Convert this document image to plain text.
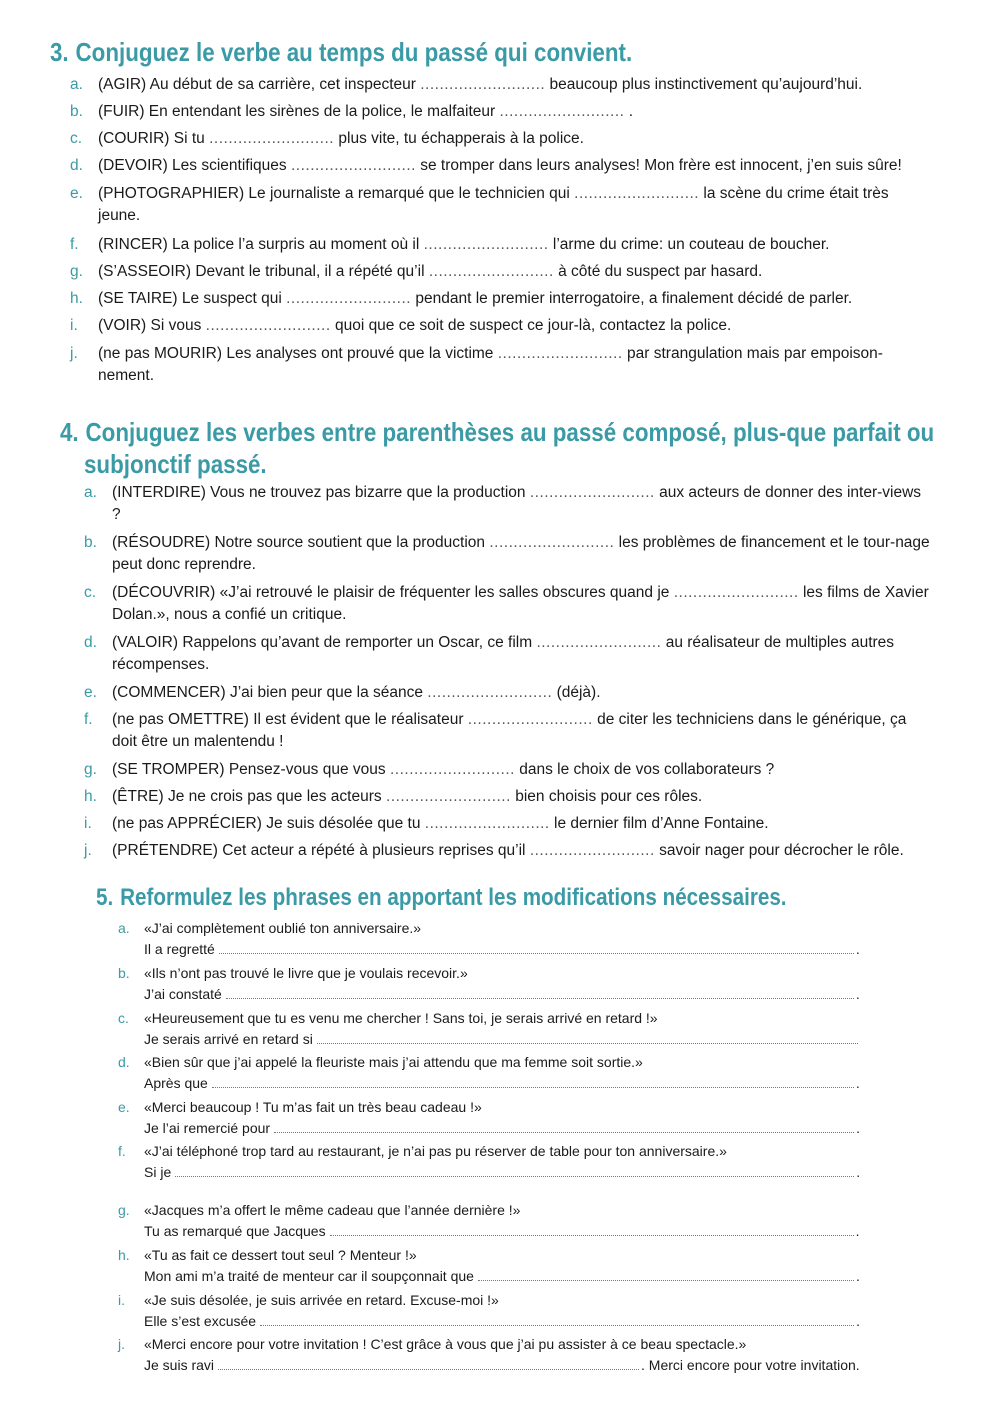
3. Conjuguez le verbe au temps du passé qui convient.
a. (AGIR) Au début de sa carrière, cet inspecteur .......................... beaucoup plus instinctivement qu’aujourd’hui.
b. (FUIR) En entendant les sirènes de la police, le malfaiteur .......................... .
c. (COURIR) Si tu .......................... plus vite, tu échapperais à la police.
d. (DEVOIR) Les scientifiques .......................... se tromper dans leurs analyses! Mon frère est innocent, j’en suis sûre!
e. (PHOTOGRAPHIER) Le journaliste a remarqué que le technicien qui .......................... la scène du crime était très jeune.
f. (RINCER) La police l’a surpris au moment où il .......................... l’arme du crime: un couteau de boucher.
g. (S’ASSEOIR) Devant le tribunal, il a répété qu’il .......................... à côté du suspect par hasard.
h. (SE TAIRE) Le suspect qui .......................... pendant le premier interrogatoire, a finalement décidé de parler.
i. (VOIR) Si vous .......................... quoi que ce soit de suspect ce jour-là, contactez la police.
j. (ne pas MOURIR) Les analyses ont prouvé que la victime .......................... par strangulation mais par empoison-nement.
4. Conjuguez les verbes entre parenthèses au passé composé, plus-que parfait ou
subjonctif passé.
a. (INTERDIRE) Vous ne trouvez pas bizarre que la production .......................... aux acteurs de donner des inter-views ?
b. (RÉSOUDRE) Notre source soutient que la production .......................... les problèmes de financement et le tour-nage peut donc reprendre.
c. (DÉCOUVRIR) «J’ai retrouvé le plaisir de fréquenter les salles obscures quand je .......................... les films de Xavier Dolan.», nous a confié un critique.
d. (VALOIR) Rappelons qu’avant de remporter un Oscar, ce film .......................... au réalisateur de multiples autres récompenses.
e. (COMMENCER) J’ai bien peur que la séance .......................... (déjà).
f. (ne pas OMETTRE) Il est évident que le réalisateur .......................... de citer les techniciens dans le générique, ça doit être un malentendu !
g. (SE TROMPER) Pensez-vous que vous .......................... dans le choix de vos collaborateurs ?
h. (ÊTRE) Je ne crois pas que les acteurs .......................... bien choisis pour ces rôles.
i. (ne pas APPRÉCIER) Je suis désolée que tu .......................... le dernier film d’Anne Fontaine.
j. (PRÉTENDRE) Cet acteur a répété à plusieurs reprises qu’il .......................... savoir nager pour décrocher le rôle.
5. Reformulez les phrases en apportant les modifications nécessaires.
a. «J’ai complètement oublié ton anniversaire.»
Il a regretté	.
b. «Ils n’ont pas trouvé le livre que je voulais recevoir.»
J’ai constaté	.
c. «Heureusement que tu es venu me chercher ! Sans toi, je serais arrivé en retard !»
Je serais arrivé en retard si
d. «Bien sûr que j’ai appelé la fleuriste mais j’ai attendu que ma femme soit sortie.»
Après que	.
e. «Merci beaucoup ! Tu m’as fait un très beau cadeau !»
Je l’ai remercié pour	.
f. «J’ai téléphoné trop tard au restaurant, je n’ai pas pu réserver de table pour ton anniversaire.»
Si je	.
g. «Jacques m’a offert le même cadeau que l’année dernière !»
Tu as remarqué que Jacques	.
h. «Tu as fait ce dessert tout seul ? Menteur !»
Mon ami m’a traité de menteur car il soupçonnait que	.
i. «Je suis désolée, je suis arrivée en retard. Excuse-moi !»
Elle s’est excusée	.
j. «Merci encore pour votre invitation ! C’est grâce à vous que j’ai pu assister à ce beau spectacle.»
Je suis ravi	. Merci encore pour votre invitation.
